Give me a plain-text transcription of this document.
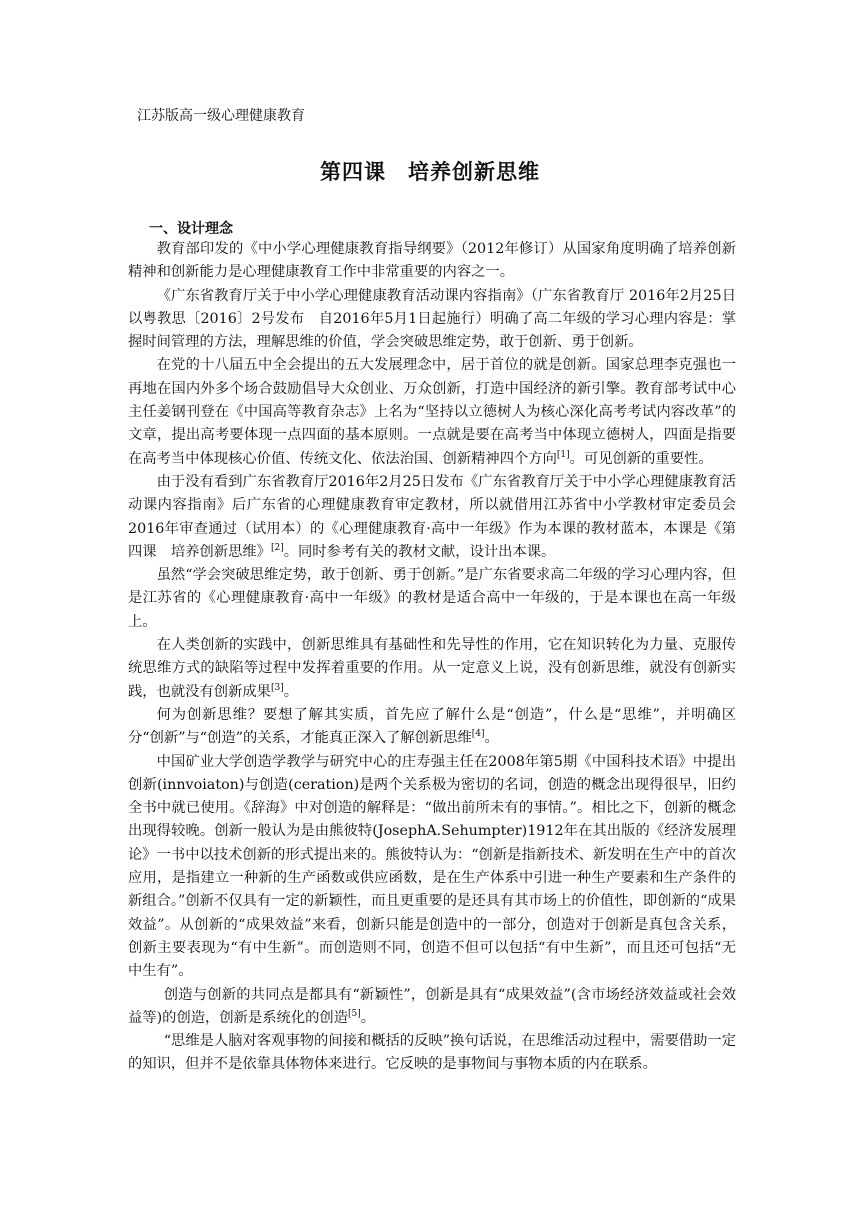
江苏版高一级心理健康教育
第四课　培养创新思维
一、设计理念

教育部印发的《中小学心理健康教育指导纲要》（2012年修订）从国家角度明确了培养创新精神和创新能力是心理健康教育工作中非常重要的内容之一。

《广东省教育厅关于中小学心理健康教育活动课内容指南》（广东省教育厅 2016年2月25日以粤教思〔2016〕2号发布　自2016年5月1日起施行）明确了高二年级的学习心理内容是：掌握时间管理的方法，理解思维的价值，学会突破思维定势，敢于创新、勇于创新。

在党的十八届五中全会提出的五大发展理念中，居于首位的就是创新。国家总理李克强也一再地在国内外多个场合鼓励倡导大众创业、万众创新，打造中国经济的新引擎。教育部考试中心主任姜钢刊登在《中国高等教育杂志》上名为“坚持以立德树人为核心深化高考考试内容改革”的文章，提出高考要体现一点四面的基本原则。一点就是要在高考当中体现立德树人，四面是指要在高考当中体现核心价值、传统文化、依法治国、创新精神四个方向[1]。可见创新的重要性。

由于没有看到广东省教育厅2016年2月25日发布《广东省教育厅关于中小学心理健康教育活动课内容指南》后广东省的心理健康教育审定教材，所以就借用江苏省中小学教材审定委员会2016年审查通过（试用本）的《心理健康教育·高中一年级》作为本课的教材蓝本，本课是《第四课　培养创新思维》[2]。同时参考有关的教材文献，设计出本课。

虽然“学会突破思维定势，敢于创新、勇于创新。”是广东省要求高二年级的学习心理内容，但是江苏省的《心理健康教育·高中一年级》的教材是适合高中一年级的，于是本课也在高一年级上。

在人类创新的实践中，创新思维具有基础性和先导性的作用，它在知识转化为力量、克服传统思维方式的缺陷等过程中发挥着重要的作用。从一定意义上说，没有创新思维，就没有创新实践，也就没有创新成果[3]。

何为创新思维？要想了解其实质，首先应了解什么是“创造”，什么是“思维”，并明确区分“创新”与“创造”的关系，才能真正深入了解创新思维[4]。

中国矿业大学创造学教学与研究中心的庄寿强主任在2008年第5期《中国科技术语》中提出创新(innvoiaton)与创造(ceration)是两个关系极为密切的名词，创造的概念出现得很早，旧约全书中就已使用。《辞海》中对创造的解释是：“做出前所未有的事情。”。相比之下，创新的概念出现得较晚。创新一般认为是由熊彼特(JosephA.Sehumpter)1912年在其出版的《经济发展理论》一书中以技术创新的形式提出来的。熊彼特认为：“创新是指新技术、新发明在生产中的首次应用，是指建立一种新的生产函数或供应函数，是在生产体系中引进一种生产要素和生产条件的新组合。”创新不仅具有一定的新颖性，而且更重要的是还具有其市场上的价值性，即创新的“成果效益”。从创新的“成果效益”来看，创新只能是创造中的一部分，创造对于创新是真包含关系，创新主要表现为“有中生新”。而创造则不同，创造不但可以包括“有中生新”，而且还可包括“无中生有”。

创造与创新的共同点是都具有“新颖性”，创新是具有“成果效益”(含市场经济效益或社会效益等)的创造，创新是系统化的创造[5]。

“思维是人脑对客观事物的间接和概括的反映”换句话说，在思维活动过程中，需要借助一定的知识，但并不是依靠具体物体来进行。它反映的是事物间与事物本质的内在联系。
